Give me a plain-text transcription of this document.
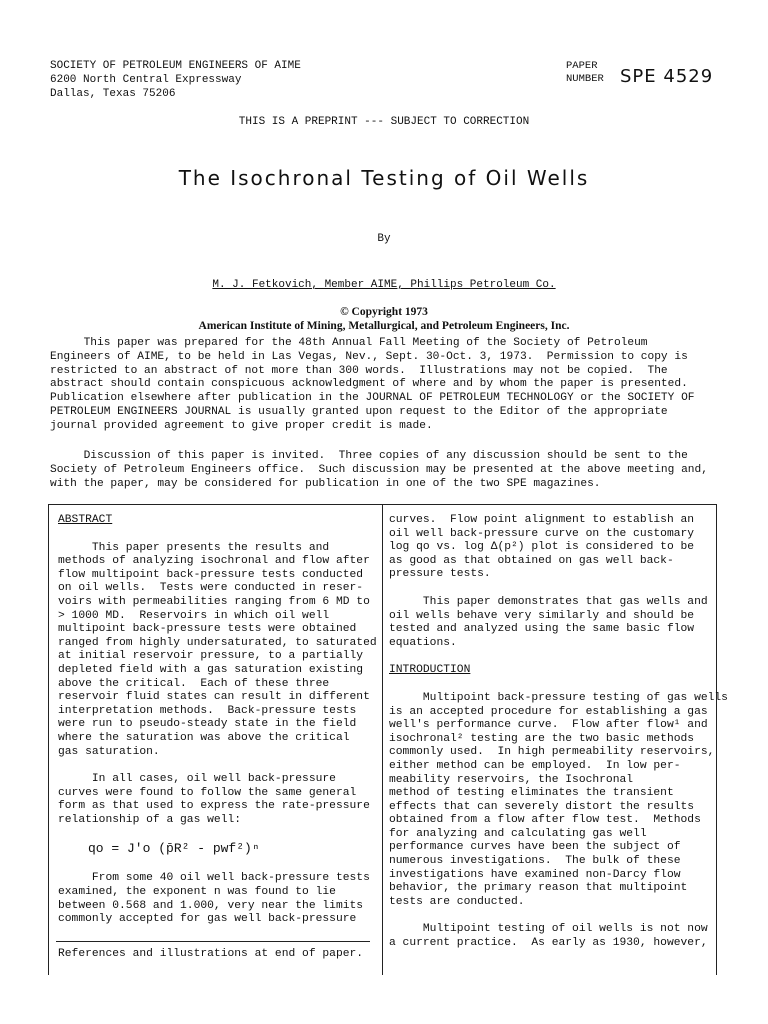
SOCIETY OF PETROLEUM ENGINEERS OF AIME
6200 North Central Expressway
Dallas, Texas 75206
PAPER
NUMBER SPE 4529
THIS IS A PREPRINT --- SUBJECT TO CORRECTION
The Isochronal Testing of Oil Wells
By
M. J. Fetkovich, Member AIME, Phillips Petroleum Co.
© Copyright 1973
American Institute of Mining, Metallurgical, and Petroleum Engineers, Inc.
This paper was prepared for the 48th Annual Fall Meeting of the Society of Petroleum
Engineers of AIME, to be held in Las Vegas, Nev., Sept. 30-Oct. 3, 1973.  Permission to copy is
restricted to an abstract of not more than 300 words.  Illustrations may not be copied.  The
abstract should contain conspicuous acknowledgment of where and by whom the paper is presented.
Publication elsewhere after publication in the JOURNAL OF PETROLEUM TECHNOLOGY or the SOCIETY OF
PETROLEUM ENGINEERS JOURNAL is usually granted upon request to the Editor of the appropriate
journal provided agreement to give proper credit is made.
Discussion of this paper is invited.  Three copies of any discussion should be sent to the
Society of Petroleum Engineers office.  Such discussion may be presented at the above meeting and,
with the paper, may be considered for publication in one of the two SPE magazines.
ABSTRACT
This paper presents the results and
methods of analyzing isochronal and flow after
flow multipoint back-pressure tests conducted
on oil wells.  Tests were conducted in reser-
voirs with permeabilities ranging from 6 MD to
> 1000 MD.  Reservoirs in which oil well
multipoint back-pressure tests were obtained
ranged from highly undersaturated, to saturated
at initial reservoir pressure, to a partially
depleted field with a gas saturation existing
above the critical.  Each of these three
reservoir fluid states can result in different
interpretation methods.  Back-pressure tests
were run to pseudo-steady state in the field
where the saturation was above the critical
gas saturation.
In all cases, oil well back-pressure
curves were found to follow the same general
form as that used to express the rate-pressure
relationship of a gas well:
qo = J'o (p̄R² - pwf²)ⁿ
From some 40 oil well back-pressure tests
examined, the exponent n was found to lie
between 0.568 and 1.000, very near the limits
commonly accepted for gas well back-pressure
References and illustrations at end of paper.
curves.  Flow point alignment to establish an
oil well back-pressure curve on the customary
log qo vs. log Δ(p²) plot is considered to be
as good as that obtained on gas well back-
pressure tests.
This paper demonstrates that gas wells and
oil wells behave very similarly and should be
tested and analyzed using the same basic flow
equations.
INTRODUCTION
Multipoint back-pressure testing of gas wells
is an accepted procedure for establishing a gas
well's performance curve.  Flow after flow¹ and
isochronal² testing are the two basic methods
commonly used.  In high permeability reservoirs,
either method can be employed.  In low per-
meability reservoirs, the Isochronal
method of testing eliminates the transient
effects that can severely distort the results
obtained from a flow after flow test.  Methods
for analyzing and calculating gas well
performance curves have been the subject of
numerous investigations.  The bulk of these
investigations have examined non-Darcy flow
behavior, the primary reason that multipoint
tests are conducted.
Multipoint testing of oil wells is not now
a current practice.  As early as 1930, however,
